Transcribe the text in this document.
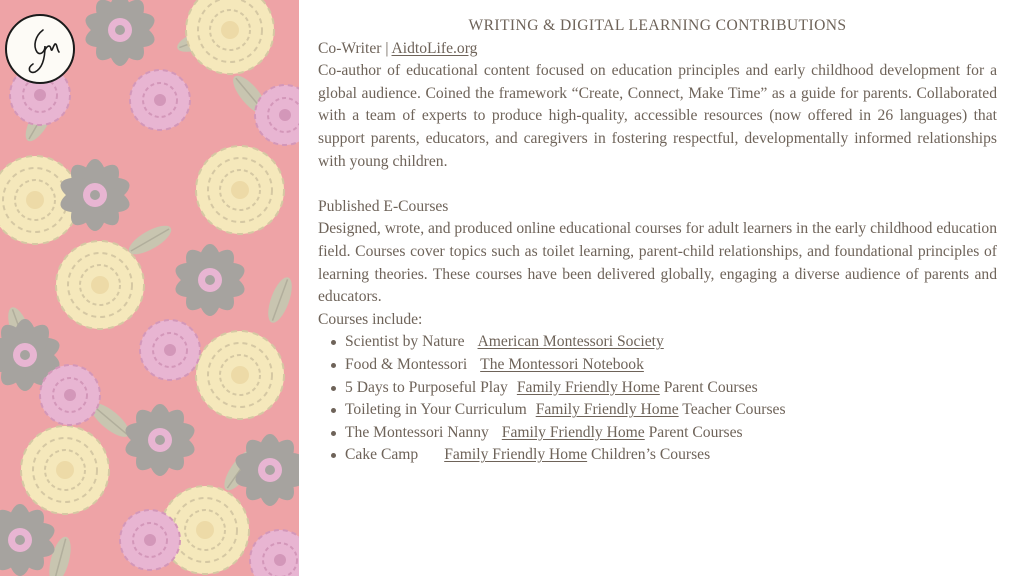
WRITING & DIGITAL LEARNING CONTRIBUTIONS
Co-Writer | AidtoLife.org

Co-author of educational content focused on education principles and early childhood development for a global audience. Coined the framework “Create, Connect, Make Time” as a guide for parents. Collaborated with a team of experts to produce high-quality, accessible resources (now offered in 26 languages) that support parents, educators, and caregivers in fostering respectful, developmentally informed relationships with young children.

Published E-Courses

Designed, wrote, and produced online educational courses for adult learners in the early childhood education field. Courses cover topics such as toilet learning, parent-child relationships, and foundational principles of learning theories. These courses have been delivered globally, engaging a diverse audience of parents and educators.

Courses include:
Scientist by Nature American Montessori Society
Food & Montessori The Montessori Notebook
5 Days to Purposeful Play Family Friendly Home Parent Courses
Toileting in Your Curriculum Family Friendly Home Teacher Courses
The Montessori Nanny Family Friendly Home Parent Courses
Cake Camp Family Friendly Home Children’s Courses
